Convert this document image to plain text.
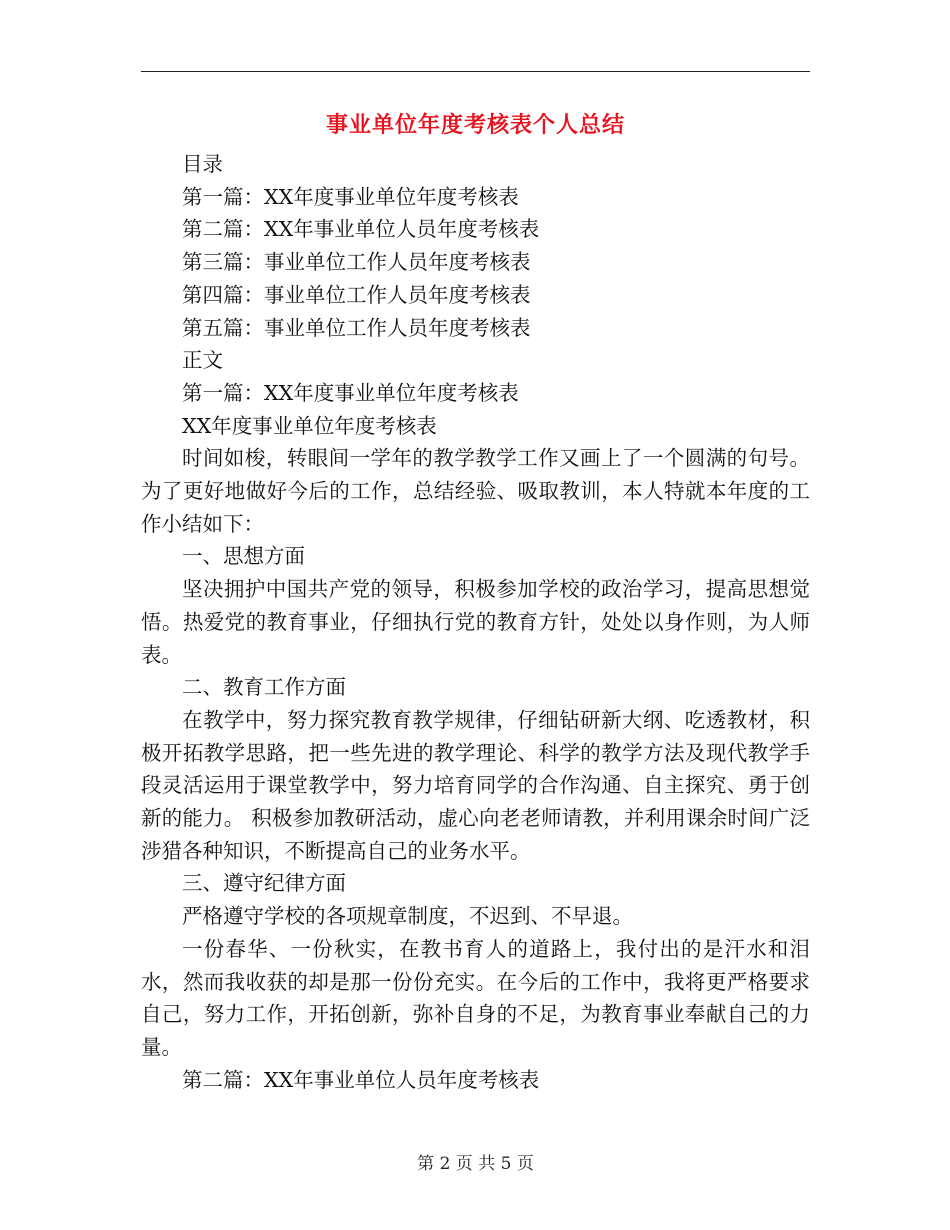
事业单位年度考核表个人总结

目录

第一篇：XX年度事业单位年度考核表

第二篇：XX年事业单位人员年度考核表

第三篇：事业单位工作人员年度考核表

第四篇：事业单位工作人员年度考核表

第五篇：事业单位工作人员年度考核表

正文

第一篇：XX年度事业单位年度考核表

XX年度事业单位年度考核表

时间如梭，转眼间一学年的教学教学工作又画上了一个圆满的句号。为了更好地做好今后的工作，总结经验、吸取教训，本人特就本年度的工作小结如下：

一、思想方面

坚决拥护中国共产党的领导，积极参加学校的政治学习，提高思想觉悟。热爱党的教育事业，仔细执行党的教育方针，处处以身作则，为人师表。

二、教育工作方面

在教学中，努力探究教育教学规律，仔细钻研新大纲、吃透教材，积极开拓教学思路，把一些先进的教学理论、科学的教学方法及现代教学手段灵活运用于课堂教学中，努力培育同学的合作沟通、自主探究、勇于创新的能力。 积极参加教研活动，虚心向老老师请教，并利用课余时间广泛涉猎各种知识，不断提高自己的业务水平。

三、遵守纪律方面

严格遵守学校的各项规章制度，不迟到、不早退。

一份春华、一份秋实，在教书育人的道路上，我付出的是汗水和泪水，然而我收获的却是那一份份充实。在今后的工作中，我将更严格要求自己，努力工作，开拓创新，弥补自身的不足，为教育事业奉献自己的力量。

第二篇：XX年事业单位人员年度考核表

第 2 页 共 5 页
